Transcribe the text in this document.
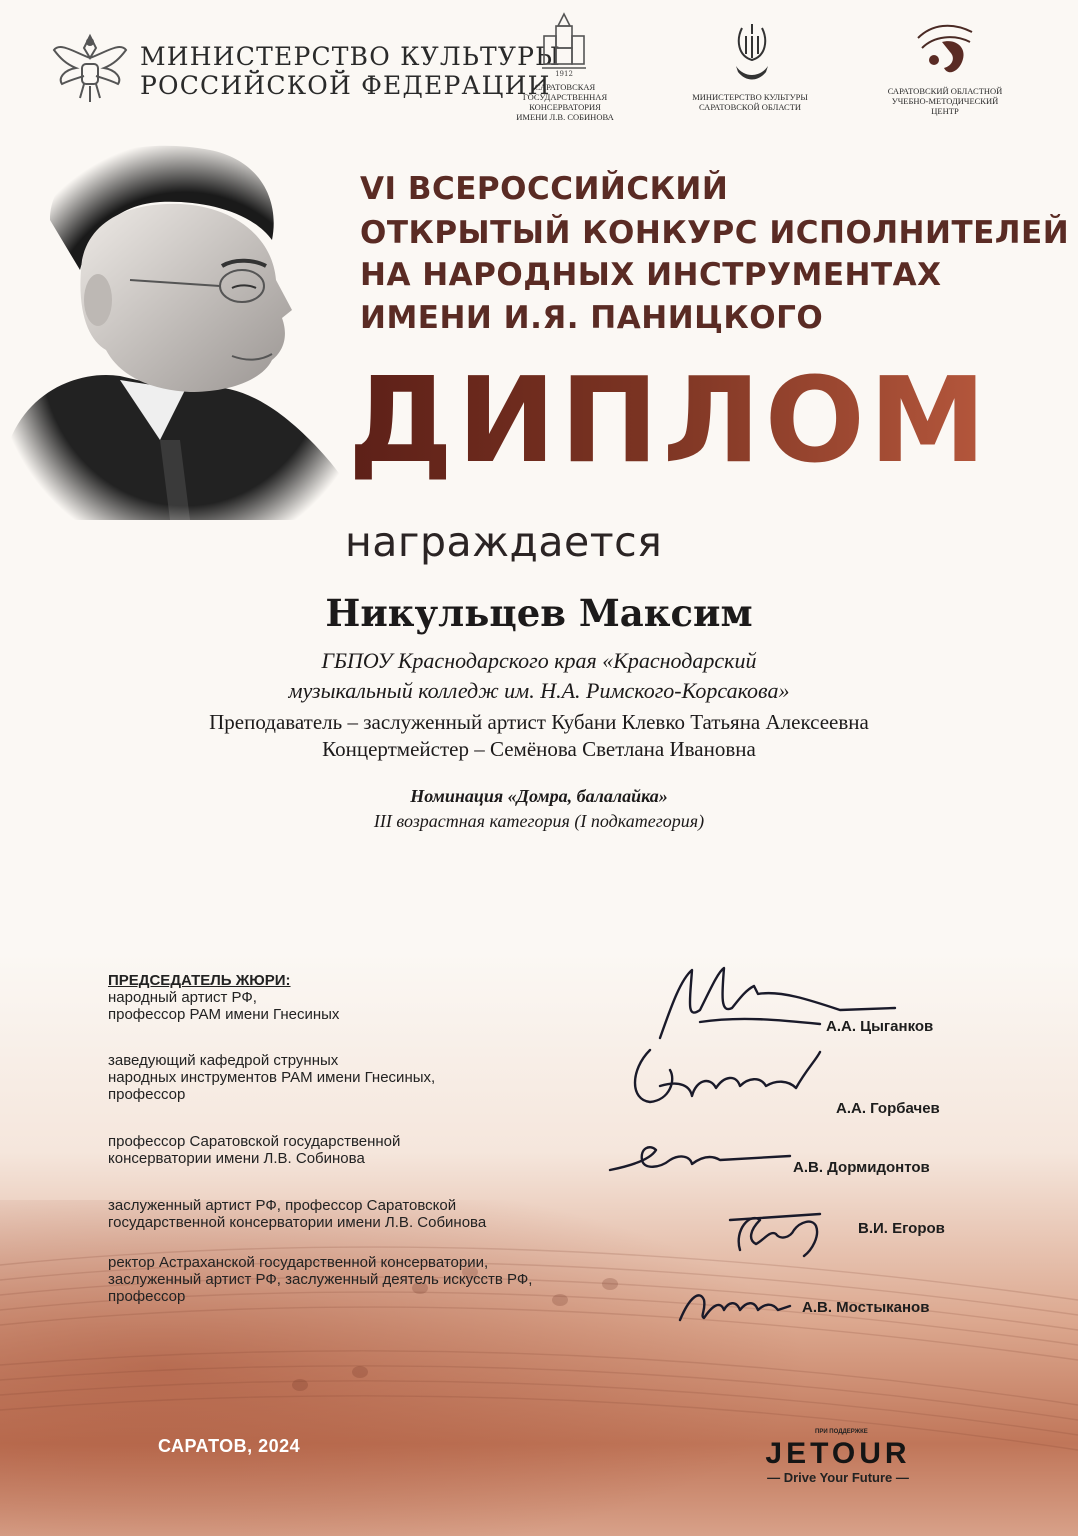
МИНИСТЕРСТВО КУЛЬТУРЫ
РОССИЙСКОЙ ФЕДЕРАЦИИ 1912
САРАТОВСКАЯ
ГОСУДАРСТВЕННАЯ
КОНСЕРВАТОРИЯ
ИМЕНИ Л.В. СОБИНОВА
МИНИСТЕРСТВО КУЛЬТУРЫ
САРАТОВСКОЙ ОБЛАСТИ
САРАТОВСКИЙ ОБЛАСТНОЙ
УЧЕБНО-МЕТОДИЧЕСКИЙ
ЦЕНТР
VI ВСЕРОССИЙСКИЙ
ОТКРЫТЫЙ КОНКУРС ИСПОЛНИТЕЛЕЙ
НА НАРОДНЫХ ИНСТРУМЕНТАХ
ИМЕНИ И.Я. ПАНИЦКОГО
ДИПЛОМ
награждается
Никульцев Максим
ГБПОУ Краснодарского края «Краснодарский
музыкальный колледж им. Н.А. Римского-Корсакова»
Преподаватель – заслуженный артист Кубани Клевко Татьяна Алексеевна
Концертмейстер – Семёнова Светлана Ивановна
Номинация «Домра, балалайка»
III возрастная категория (I подкатегория)
ПРЕДСЕДАТЕЛЬ ЖЮРИ:
народный артист РФ,
профессор РАМ имени Гнесиных
заведующий кафедрой струнных
народных инструментов РАМ имени Гнесиных,
профессор
профессор Саратовской государственной
консерватории имени Л.В. Собинова
заслуженный артист РФ, профессор Саратовской
государственной консерватории имени Л.В. Собинова
ректор Астраханской государственной консерватории,
заслуженный артист РФ, заслуженный деятель искусств РФ,
профессор
А.А. Цыганков
А.А. Горбачев
А.В. Дормидонтов
В.И. Егоров
А.В. Мостыканов
САРАТОВ, 2024
ПРИ ПОДДЕРЖКЕ
JETOUR
— Drive Your Future —
